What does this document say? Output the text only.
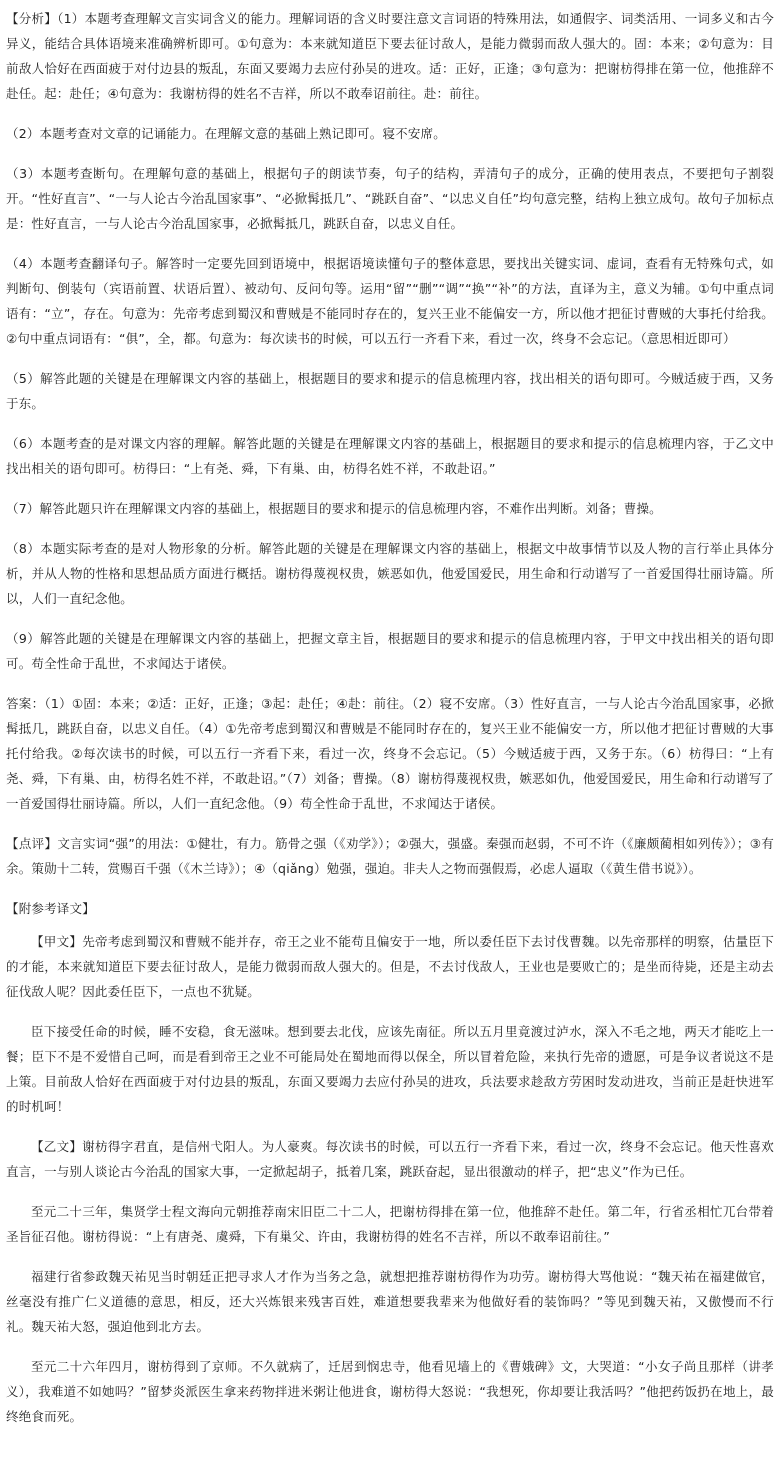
【分析】（1）本题考查理解文言实词含义的能力。理解词语的含义时要注意文言词语的特殊用法，如通假字、词类活用、一词多义和古今异义，能结合具体语境来准确辨析即可。①句意为：本来就知道臣下要去征讨敌人，是能力微弱而敌人强大的。固：本来；②句意为：目前敌人恰好在西面疲于对付边县的叛乱，东面又要竭力去应付孙吴的进攻。适：正好，正逢；③句意为：把谢枋得排在第一位，他推辞不赴任。起：赴任；④句意为：我谢枋得的姓名不吉祥，所以不敢奉诏前往。赴：前往。

（2）本题考查对文章的记诵能力。在理解文意的基础上熟记即可。寝不安席。

（3）本题考查断句。在理解句意的基础上，根据句子的朗读节奏，句子的结构，弄清句子的成分，正确的使用表点，不要把句子割裂开。“性好直言”、“一与人论古今治乱国家事”、“必掀髯抵几”、“跳跃自奋”、“以忠义自任”均句意完整，结构上独立成句。故句子加标点是：性好直言，一与人论古今治乱国家事，必掀髯抵几，跳跃自奋，以忠义自任。

（4）本题考查翻译句子。解答时一定要先回到语境中，根据语境读懂句子的整体意思，要找出关键实词、虚词，查看有无特殊句式，如判断句、倒装句（宾语前置、状语后置）、被动句、反问句等。运用“留”“删”“调”“换”“补”的方法，直译为主，意义为辅。①句中重点词语有：“立”，存在。句意为：先帝考虑到蜀汉和曹贼是不能同时存在的，复兴王业不能偏安一方，所以他才把征讨曹贼的大事托付给我。②句中重点词语有：“俱”，全，都。句意为：每次读书的时候，可以五行一齐看下来，看过一次，终身不会忘记。（意思相近即可）

（5）解答此题的关键是在理解课文内容的基础上，根据题目的要求和提示的信息梳理内容，找出相关的语句即可。今贼适疲于西，又务于东。

（6）本题考查的是对课文内容的理解。解答此题的关键是在理解课文内容的基础上，根据题目的要求和提示的信息梳理内容，于乙文中找出相关的语句即可。枋得曰：“上有尧、舜，下有巢、由，枋得名姓不祥，不敢赴诏。”

（7）解答此题只许在理解课文内容的基础上，根据题目的要求和提示的信息梳理内容，不难作出判断。刘备；曹操。

（8）本题实际考查的是对人物形象的分析。解答此题的关键是在理解课文内容的基础上，根据文中故事情节以及人物的言行举止具体分析，并从人物的性格和思想品质方面进行概括。谢枋得蔑视权贵，嫉恶如仇，他爱国爱民，用生命和行动谱写了一首爱国得壮丽诗篇。所以，人们一直纪念他。

（9）解答此题的关键是在理解课文内容的基础上，把握文章主旨，根据题目的要求和提示的信息梳理内容，于甲文中找出相关的语句即可。苟全性命于乱世，不求闻达于诸侯。

答案：（1）①固：本来；②适：正好，正逢；③起：赴任；④赴：前往。（2）寝不安席。（3）性好直言，一与人论古今治乱国家事，必掀髯抵几，跳跃自奋，以忠义自任。（4）①先帝考虑到蜀汉和曹贼是不能同时存在的，复兴王业不能偏安一方，所以他才把征讨曹贼的大事托付给我。②每次读书的时候，可以五行一齐看下来，看过一次，终身不会忘记。（5）今贼适疲于西，又务于东。（6）枋得曰：“上有尧、舜，下有巢、由，枋得名姓不祥，不敢赴诏。”（7）刘备；曹操。（8）谢枋得蔑视权贵，嫉恶如仇，他爱国爱民，用生命和行动谱写了一首爱国得壮丽诗篇。所以，人们一直纪念他。（9）苟全性命于乱世，不求闻达于诸侯。

【点评】文言实词“强”的用法：①健壮，有力。筋骨之强（《劝学》）；②强大，强盛。秦强而赵弱，不可不许（《廉颇蔺相如列传》）；③有余。策勋十二转，赏赐百千强（《木兰诗》）；④（qiǎng）勉强，强迫。非夫人之物而强假焉，必虑人逼取（《黄生借书说》）。

【附参考译文】

【甲文】先帝考虑到蜀汉和曹贼不能并存，帝王之业不能苟且偏安于一地，所以委任臣下去讨伐曹魏。以先帝那样的明察，估量臣下的才能，本来就知道臣下要去征讨敌人，是能力微弱而敌人强大的。但是，不去讨伐敌人，王业也是要败亡的；是坐而待毙，还是主动去征伐敌人呢？因此委任臣下，一点也不犹疑。

臣下接受任命的时候，睡不安稳，食无滋味。想到要去北伐，应该先南征。所以五月里竟渡过泸水，深入不毛之地，两天才能吃上一餐；臣下不是不爱惜自己呵，而是看到帝王之业不可能局处在蜀地而得以保全，所以冒着危险，来执行先帝的遗愿，可是争议者说这不是上策。目前敌人恰好在西面疲于对付边县的叛乱，东面又要竭力去应付孙吴的进攻，兵法要求趁敌方劳困时发动进攻，当前正是赶快进军的时机呵！

【乙文】谢枋得字君直，是信州弋阳人。为人豪爽。每次读书的时候，可以五行一齐看下来，看过一次，终身不会忘记。他天性喜欢直言，一与别人谈论古今治乱的国家大事，一定掀起胡子，抵着几案，跳跃奋起，显出很激动的样子，把“忠义”作为已任。

至元二十三年，集贤学士程文海向元朝推荐南宋旧臣二十二人，把谢枋得排在第一位，他推辞不赴任。第二年，行省丞相忙兀台带着圣旨征召他。谢枋得说：“上有唐尧、虞舜，下有巢父、许由，我谢枋得的姓名不吉祥，所以不敢奉诏前往。”

福建行省参政魏天祐见当时朝廷正把寻求人才作为当务之急，就想把推荐谢枋得作为功劳。谢枋得大骂他说：“魏天祐在福建做官，丝毫没有推广仁义道德的意思，相反，还大兴炼银来残害百姓，难道想要我辈来为他做好看的装饰吗？”等见到魏天祐，又傲慢而不行礼。魏天祐大怒，强迫他到北方去。

至元二十六年四月，谢枋得到了京师。不久就病了，迁居到悯忠寺，他看见墙上的《曹娥碑》文，大哭道：“小女子尚且那样（讲孝义），我难道不如她吗？”留梦炎派医生拿来药物拌进米粥让他进食，谢枋得大怒说：“我想死，你却要让我活吗？”他把药饭扔在地上，最终绝食而死。
